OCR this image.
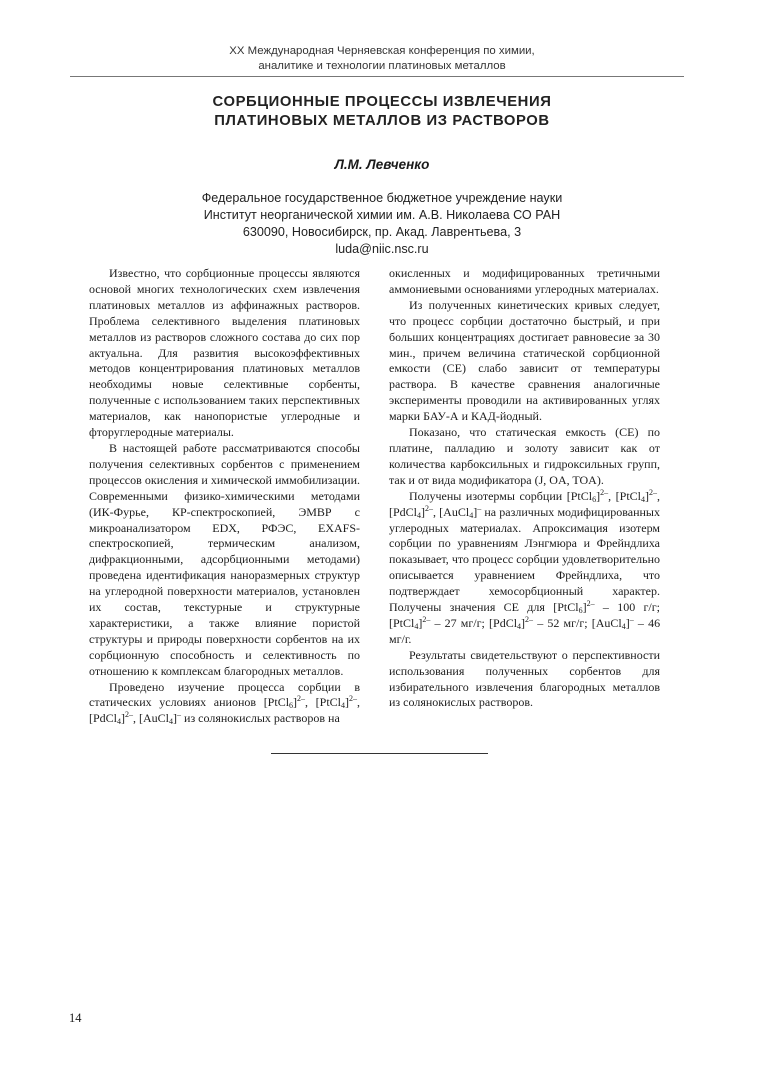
XX Международная Черняевская конференция по химии,
аналитике и технологии платиновых металлов
СОРБЦИОННЫЕ ПРОЦЕССЫ ИЗВЛЕЧЕНИЯ
ПЛАТИНОВЫХ МЕТАЛЛОВ ИЗ РАСТВОРОВ
Л.М. Левченко
Федеральное государственное бюджетное учреждение науки
Институт неорганической химии им. А.В. Николаева СО РАН
630090, Новосибирск, пр. Акад. Лаврентьева, 3
luda@niic.nsc.ru

Известно, что сорбционные процессы являются основой многих технологических схем извлечения платиновых металлов из аффинажных растворов. Проблема селективного выделения платиновых металлов из растворов сложного состава до сих пор актуальна. Для развития высокоэффективных методов концентрирования платиновых металлов необходимы новые селективные сорбенты, полученные с использованием таких перспективных материалов, как нанопористые углеродные и фторуглеродные материалы.

В настоящей работе рассматриваются способы получения селективных сорбентов с применением процессов окисления и химической иммобилизации. Современными физико-химическими методами (ИК-Фурье, КР-спектроскопией, ЭМВР с микроанализатором EDX, РФЭС, EXAFS-спектроскопией, термическим анализом, дифракционными, адсорбционными методами) проведена идентификация наноразмерных структур на углеродной поверхности материалов, установлен их состав, текстурные и структурные характеристики, а также влияние пористой структуры и природы поверхности сорбентов на их сорбционную способность и селективность по отношению к комплексам благородных металлов.

Проведено изучение процесса сорбции в статических условиях анионов [PtCl$_6$]$^{2-}$, [PtCl$_4$]$^{2-}$, [PdCl$_4$]$^{2-}$, [AuCl$_4$]– из солянокислых растворов на

окисленных и модифицированных третичными аммониевыми основаниями углеродных материалах.

Из полученных кинетических кривых следует, что процесс сорбции достаточно быстрый, и при больших концентрациях достигает равновесие за 30 мин., причем величина статической сорбционной емкости (СЕ) слабо зависит от температуры раствора. В качестве сравнения аналогичные эксперименты проводили на активированных углях марки БАУ-А и КАД-йодный.

Показано, что статическая емкость (СЕ) по платине, палладию и золоту зависит как от количества карбоксильных и гидроксильных групп, так и от вида модификатора (J, OA, TOA).

Получены изотермы сорбции [PtCl$_6$]$^{2-}$, [PtCl$_4$]$^{2-}$, [PdCl$_4$]$^{2-}$, [AuCl$_4$]– на различных модифицированных углеродных материалах. Апроксимация изотерм сорбции по уравнениям Лэнгмюра и Фрейндлиха показывает, что процесс сорбции удовлетворительно описывается уравнением Фрейндлиха, что подтверждает хемосорбционный характер. Получены значения СЕ для [PtCl$_6$]$^{2-}$ – 100 г/г; [PtCl$_4$]$^{2-}$ – 27 мг/г; [PdCl$_4$]$^{2-}$ – 52 мг/г; [AuCl$_4$]– – 46 мг/г.

Результаты свидетельствуют о перспективности использования полученных сорбентов для избирательного извлечения благородных металлов из солянокислых растворов.

14
